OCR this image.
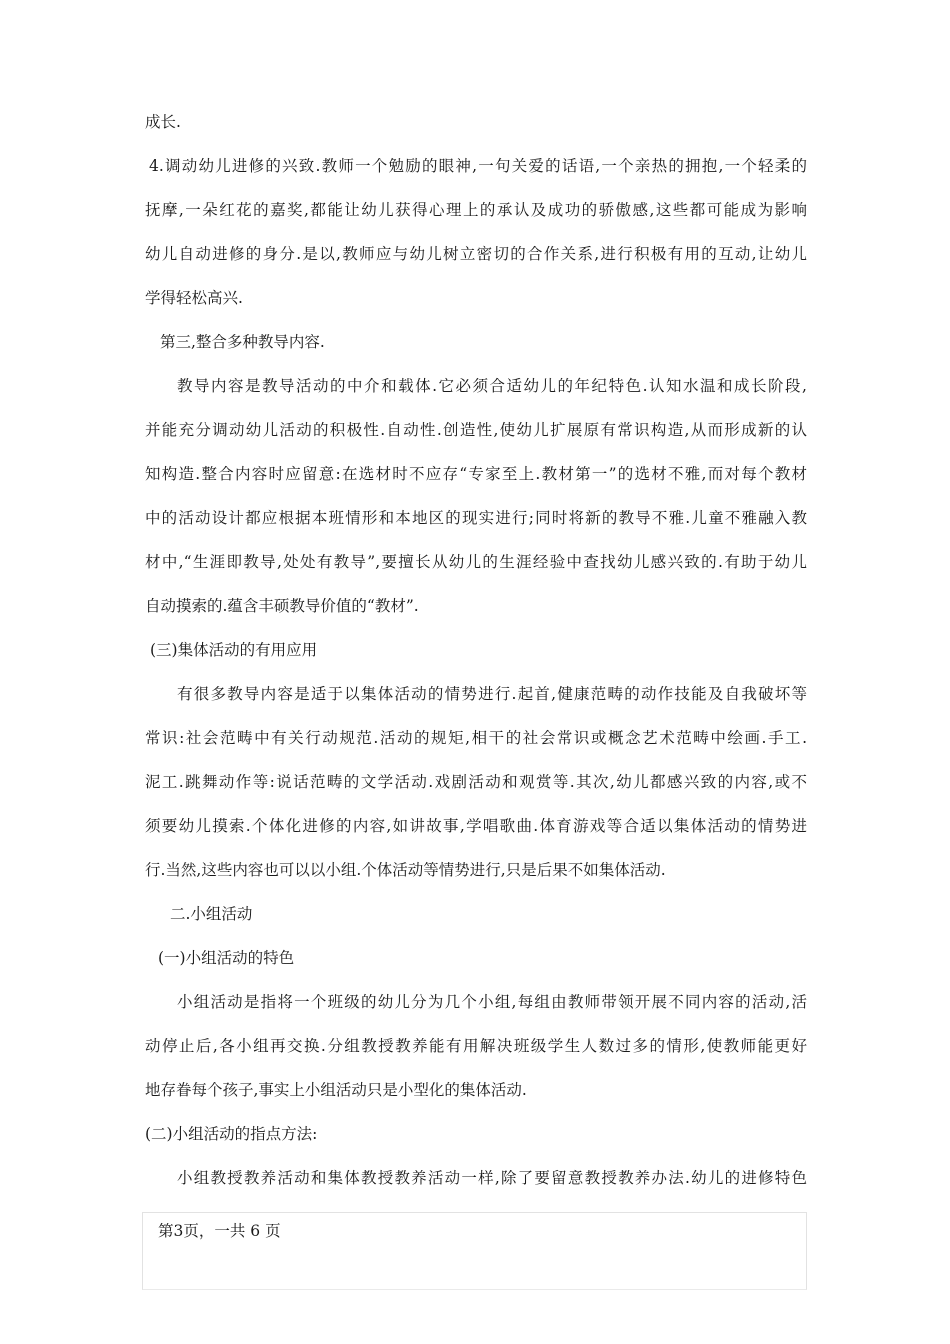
成长.
4.调动幼儿进修的兴致.教师一个勉励的眼神,一句关爱的话语,一个亲热的拥抱,一个轻柔的
抚摩,一朵红花的嘉奖,都能让幼儿获得心理上的承认及成功的骄傲感,这些都可能成为影响
幼儿自动进修的身分.是以,教师应与幼儿树立密切的合作关系,进行积极有用的互动,让幼儿
学得轻松高兴.
第三,整合多种教导内容.
教导内容是教导活动的中介和载体.它必须合适幼儿的年纪特色.认知水温和成长阶段,
并能充分调动幼儿活动的积极性.自动性.创造性,使幼儿扩展原有常识构造,从而形成新的认
知构造.整合内容时应留意:在选材时不应存“专家至上.教材第一”的选材不雅,而对每个教材
中的活动设计都应根据本班情形和本地区的现实进行;同时将新的教导不雅.儿童不雅融入教
材中,“生涯即教导,处处有教导”,要擅长从幼儿的生涯经验中查找幼儿感兴致的.有助于幼儿
自动摸索的.蕴含丰硕教导价值的“教材”.
(三)集体活动的有用应用
有很多教导内容是适于以集体活动的情势进行.起首,健康范畴的动作技能及自我破坏等
常识:社会范畴中有关行动规范.活动的规矩,相干的社会常识或概念艺术范畴中绘画.手工.
泥工.跳舞动作等:说话范畴的文学活动.戏剧活动和观赏等.其次,幼儿都感兴致的内容,或不
须要幼儿摸索.个体化进修的内容,如讲故事,学唱歌曲.体育游戏等合适以集体活动的情势进
行.当然,这些内容也可以以小组.个体活动等情势进行,只是后果不如集体活动.
二.小组活动
(一)小组活动的特色
小组活动是指将一个班级的幼儿分为几个小组,每组由教师带领开展不同内容的活动,活
动停止后,各小组再交换.分组教授教养能有用解决班级学生人数过多的情形,使教师能更好
地存眷每个孩子,事实上小组活动只是小型化的集体活动.
(二)小组活动的指点方法:
小组教授教养活动和集体教授教养活动一样,除了要留意教授教养办法.幼儿的进修特色
第3页，一共 6 页
